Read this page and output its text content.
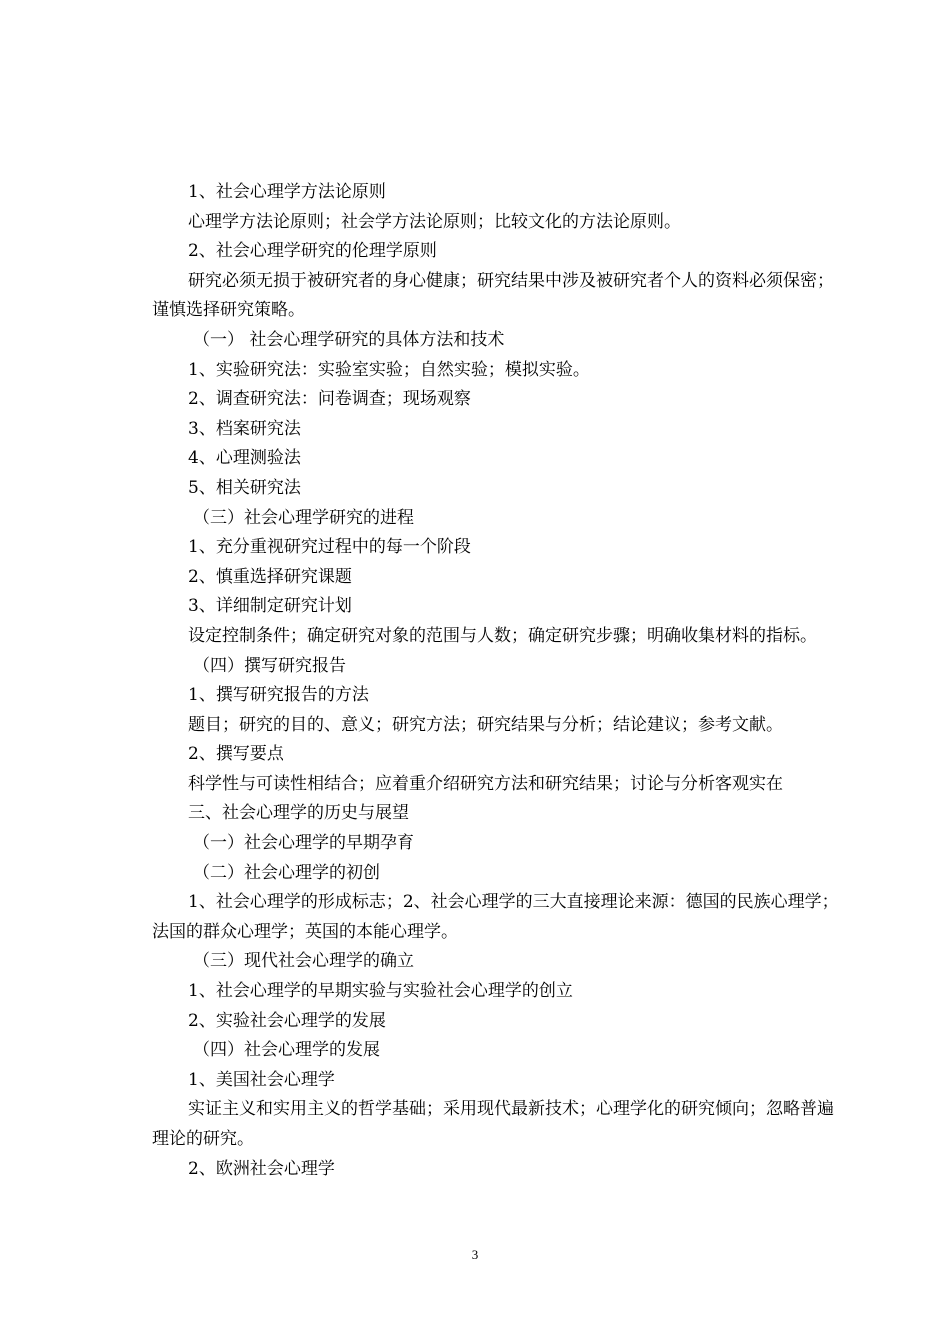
1、社会心理学方法论原则
心理学方法论原则；社会学方法论原则；比较文化的方法论原则。
2、社会心理学研究的伦理学原则
研究必须无损于被研究者的身心健康；研究结果中涉及被研究者个人的资料必须保密；谨慎选择研究策略。
（一） 社会心理学研究的具体方法和技术
1、实验研究法：实验室实验；自然实验；模拟实验。
2、调查研究法：问卷调查；现场观察
3、档案研究法
4、心理测验法
5、相关研究法
（三）社会心理学研究的进程
1、充分重视研究过程中的每一个阶段
2、慎重选择研究课题
3、详细制定研究计划
设定控制条件；确定研究对象的范围与人数；确定研究步骤；明确收集材料的指标。
（四）撰写研究报告
1、撰写研究报告的方法
题目；研究的目的、意义；研究方法；研究结果与分析；结论建议；参考文献。
2、撰写要点
科学性与可读性相结合；应着重介绍研究方法和研究结果；讨论与分析客观实在
三、社会心理学的历史与展望
（一）社会心理学的早期孕育
（二）社会心理学的初创
1、社会心理学的形成标志；2、社会心理学的三大直接理论来源：德国的民族心理学；法国的群众心理学；英国的本能心理学。
（三）现代社会心理学的确立
1、社会心理学的早期实验与实验社会心理学的创立
2、实验社会心理学的发展
（四）社会心理学的发展
1、美国社会心理学
实证主义和实用主义的哲学基础；采用现代最新技术；心理学化的研究倾向；忽略普遍理论的研究。
2、欧洲社会心理学
3
